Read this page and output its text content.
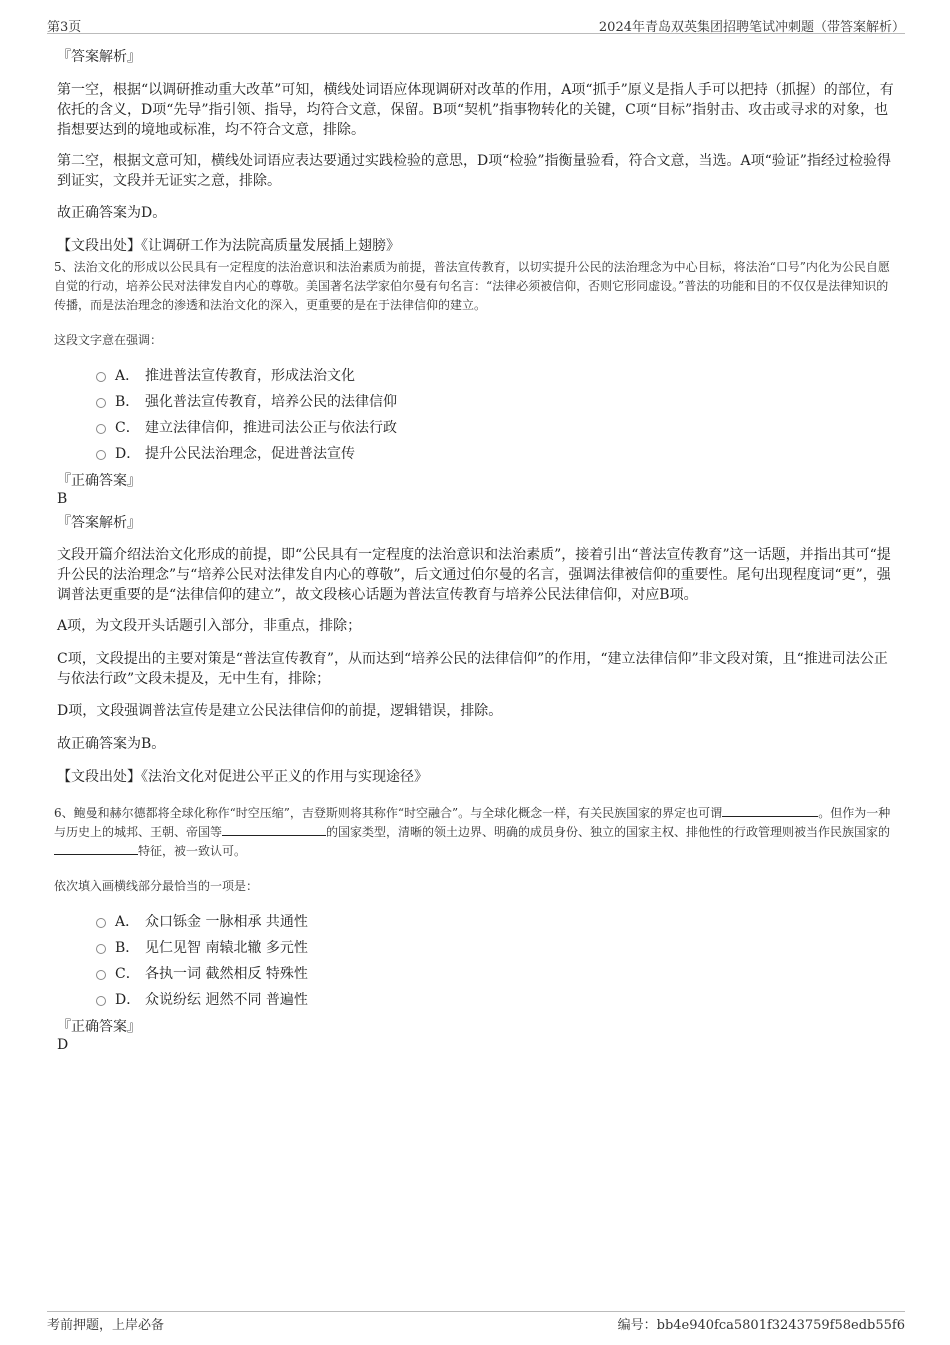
第3页	2024年青岛双英集团招聘笔试冲刺题（带答案解析）
『答案解析』

第一空，根据“以调研推动重大改革”可知，横线处词语应体现调研对改革的作用，A项“抓手”原义是指人手可以把持（抓握）的部位，有依托的含义，D项“先导”指引领、指导，均符合文意，保留。B项“契机”指事物转化的关键，C项“目标”指射击、攻击或寻求的对象，也指想要达到的境地或标准，均不符合文意，排除。

第二空，根据文意可知，横线处词语应表达要通过实践检验的意思，D项“检验”指衡量验看，符合文意，当选。A项“验证”指经过检验得到证实，文段并无证实之意，排除。

故正确答案为D。

【文段出处】《让调研工作为法院高质量发展插上翅膀》

5、法治文化的形成以公民具有一定程度的法治意识和法治素质为前提，普法宣传教育，以切实提升公民的法治理念为中心目标，将法治“口号”内化为公民自愿自觉的行动，培养公民对法律发自内心的尊敬。美国著名法学家伯尔曼有句名言：“法律必须被信仰，否则它形同虚设。”普法的功能和目的不仅仅是法律知识的传播，而是法治理念的渗透和法治文化的深入，更重要的是在于法律信仰的建立。

这段文字意在强调：
A． 推进普法宣传教育，形成法治文化
B． 强化普法宣传教育，培养公民的法律信仰
C． 建立法律信仰，推进司法公正与依法行政
D． 提升公民法治理念，促进普法宣传
『正确答案』
B
『答案解析』

文段开篇介绍法治文化形成的前提，即“公民具有一定程度的法治意识和法治素质”，接着引出“普法宣传教育”这一话题，并指出其可“提升公民的法治理念”与“培养公民对法律发自内心的尊敬”，后文通过伯尔曼的名言，强调法律被信仰的重要性。尾句出现程度词“更”，强调普法更重要的是“法律信仰的建立”，故文段核心话题为普法宣传教育与培养公民法律信仰，对应B项。

A项，为文段开头话题引入部分，非重点，排除；

C项，文段提出的主要对策是“普法宣传教育”，从而达到“培养公民的法律信仰”的作用，“建立法律信仰”非文段对策，且“推进司法公正与依法行政”文段未提及，无中生有，排除；

D项，文段强调普法宣传是建立公民法律信仰的前提，逻辑错误，排除。

故正确答案为B。

【文段出处】《法治文化对促进公平正义的作用与实现途径》

6、鲍曼和赫尔德都将全球化称作“时空压缩”，吉登斯则将其称作“时空融合”。与全球化概念一样，有关民族国家的界定也可谓	。但作为一种与历史上的城邦、王朝、帝国等	的国家类型，清晰的领土边界、明确的成员身份、独立的国家主权、排他性的行政管理则被当作民族国家的特征，被一致认可。

依次填入画横线部分最恰当的一项是：
A． 众口铄金 一脉相承 共通性
B． 见仁见智 南辕北辙 多元性
C． 各执一词 截然相反 特殊性
D． 众说纷纭 迥然不同 普遍性
『正确答案』
D
考前押题，上岸必备	编号：bb4e940fca5801f3243759f58edb55f6
